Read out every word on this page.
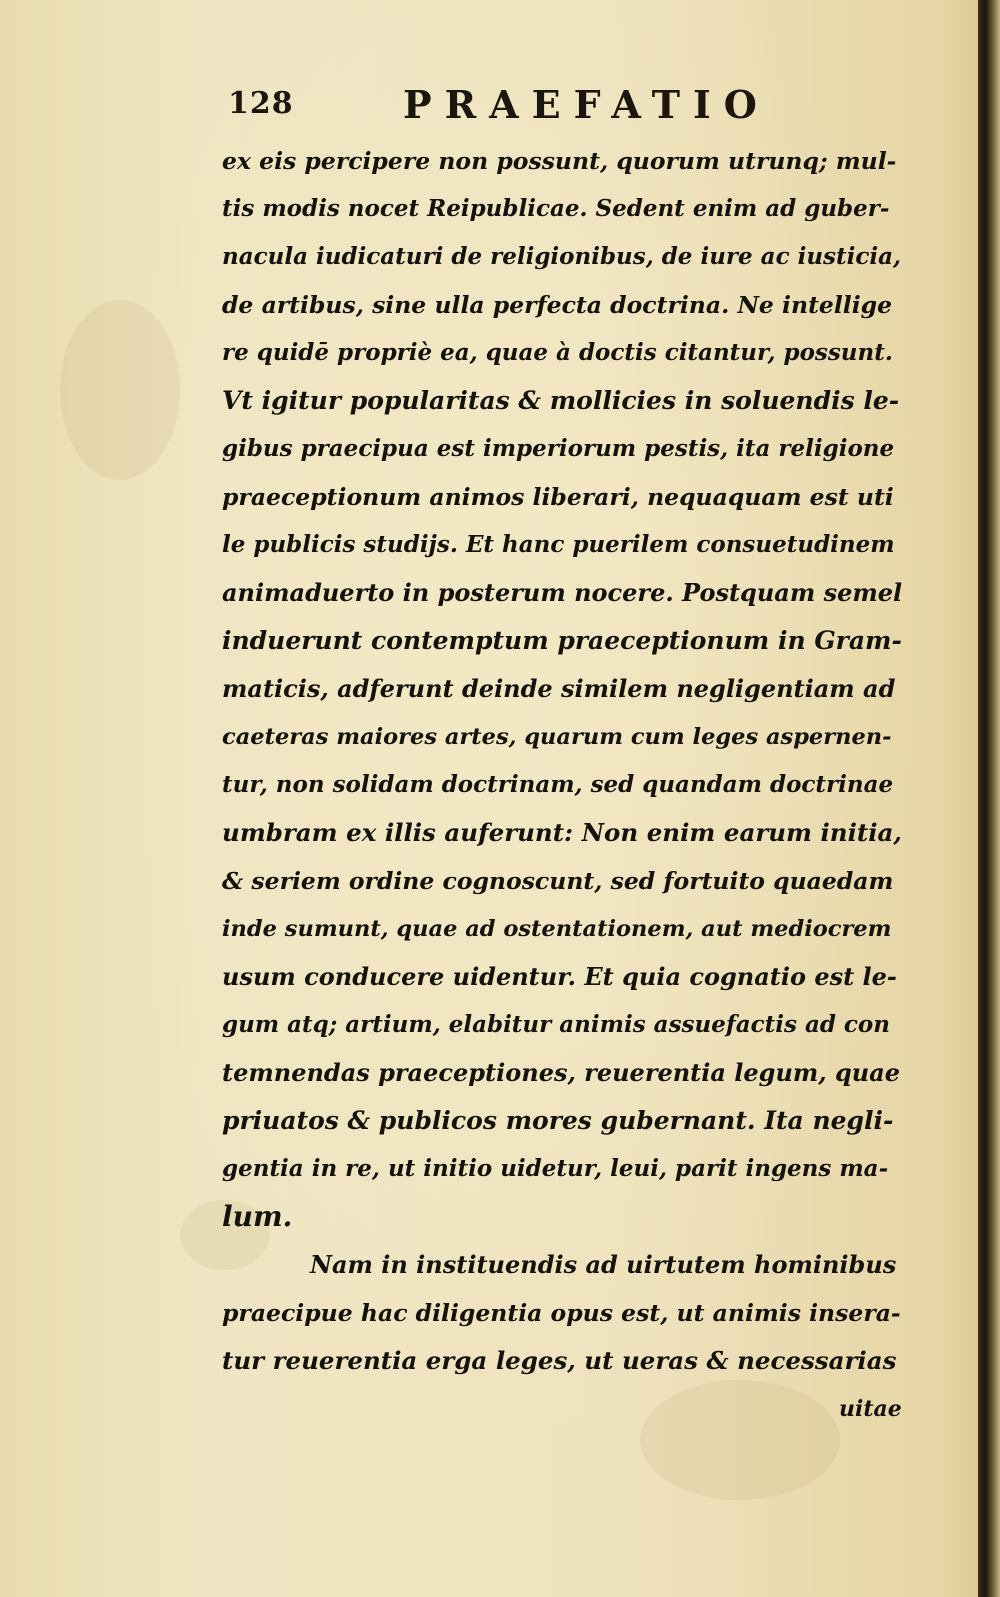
128	PRAEFATIO
ex eis percipere non possunt, quorum utrunq; mul-
tis modis nocet Reipublicae. Sedent enim ad guber-
nacula iudicaturi de religionibus, de iure ac iusticia,
de artibus, sine ulla perfecta doctrina. Ne intellige
re quidē propriè ea, quae à doctis citantur, possunt.
Vt igitur popularitas & mollicies in soluendis le-
gibus praecipua est imperiorum pestis, ita religione
praeceptionum animos liberari, nequaquam est uti
le publicis studijs. Et hanc puerilem consuetudinem
animaduerto in posterum nocere. Postquam semel
induerunt contemptum praeceptionum in Gram-
maticis, adferunt deinde similem negligentiam ad
caeteras maiores artes, quarum cum leges aspernen-
tur, non solidam doctrinam, sed quandam doctrinae
umbram ex illis auferunt: Non enim earum initia,
& seriem ordine cognoscunt, sed fortuito quaedam
inde sumunt, quae ad ostentationem, aut mediocrem
usum conducere uidentur. Et quia cognatio est le-
gum atq; artium, elabitur animis assuefactis ad con
temnendas praeceptiones, reuerentia legum, quae
priuatos & publicos mores gubernant. Ita negli-
gentia in re, ut initio uidetur, leui, parit ingens ma-
lum.
Nam in instituendis ad uirtutem hominibus
praecipue hac diligentia opus est, ut animis insera-
tur reuerentia erga leges, ut ueras & necessarias
uitae
